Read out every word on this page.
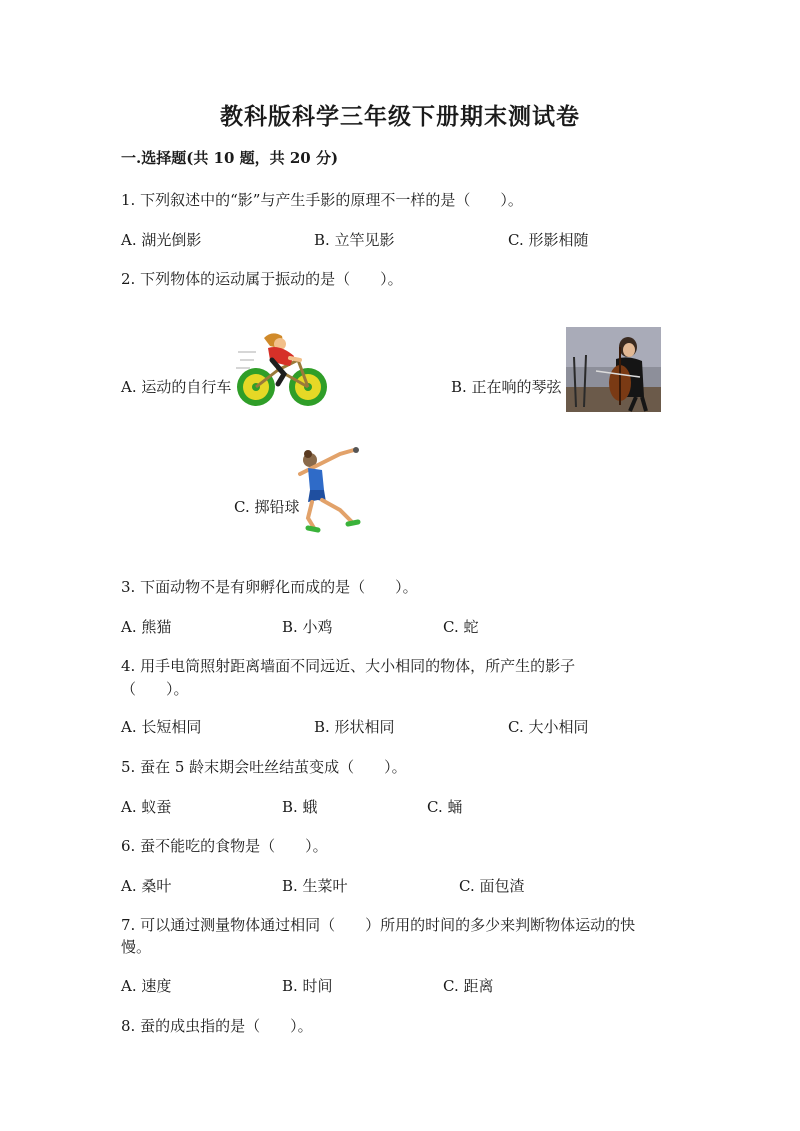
教科版科学三年级下册期末测试卷
一.选择题(共 10 题，共 20 分)
1. 下列叙述中的“影”与产生手影的原理不一样的是（　　）。
A. 湖光倒影	B. 立竿见影	C. 形影相随
2. 下列物体的运动属于振动的是（　　）。
A. 运动的自行车	B. 正在响的琴弦
C. 掷铅球
3. 下面动物不是有卵孵化而成的是（　　）。
A. 熊猫	B. 小鸡	C. 蛇
4. 用手电筒照射距离墙面不同远近、大小相同的物体，所产生的影子
（　　）。
A. 长短相同	B. 形状相同	C. 大小相同
5. 蚕在 5 龄末期会吐丝结茧变成（　　）。
A. 蚁蚕	B. 蛾	C. 蛹
6. 蚕不能吃的食物是（　　）。
A. 桑叶	B. 生菜叶	C. 面包渣
7. 可以通过测量物体通过相同（　　）所用的时间的多少来判断物体运动的快
慢。
A. 速度	B. 时间	C. 距离
8. 蚕的成虫指的是（　　）。
